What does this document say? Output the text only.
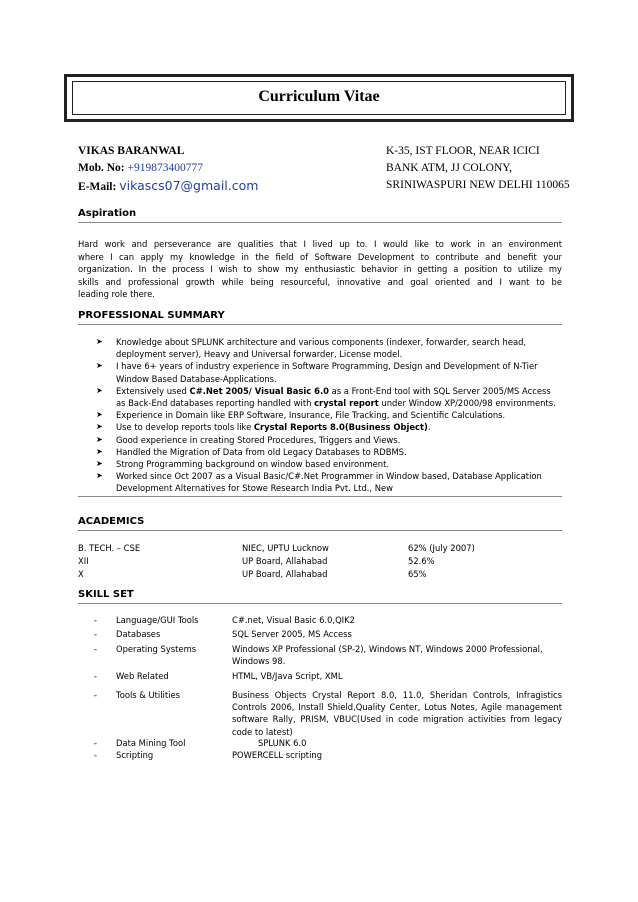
Curriculum Vitae
VIKAS BARANWAL
Mob. No: +919873400777
E-Mail: vikascs07@gmail.com
K-35, IST FLOOR, NEAR ICICI
BANK ATM, JJ COLONY,
SRINIWASPURI NEW DELHI 110065
Aspiration
Hard work and perseverance are qualities that I lived up to. I would like to work in an environment
where I can apply my knowledge in the field of Software Development to contribute and benefit your
organization. In the process I wish to show my enthusiastic behavior in getting a position to utilize my
skills and professional growth while being resourceful, innovative and goal oriented and I want to be
leading role there.
PROFESSIONAL SUMMARY
➤ Knowledge about SPLUNK architecture and various components (indexer, forwarder, search head, deployment server), Heavy and Universal forwarder, License model.
➤ I have 6+ years of industry experience in Software Programming, Design and Development of N-Tier Window Based Database-Applications.
➤ Extensively used C#.Net 2005/ Visual Basic 6.0 as a Front-End tool with SQL Server 2005/MS Access as Back-End databases reporting handled with crystal report under Window XP/2000/98 environments.
➤ Experience in Domain like ERP Software, Insurance, File Tracking, and Scientific Calculations.
➤ Use to develop reports tools like Crystal Reports 8.0(Business Object).
➤ Good experience in creating Stored Procedures, Triggers and Views.
➤ Handled the Migration of Data from old Legacy Databases to RDBMS.
➤ Strong Programming background on window based environment.
➤ Worked since Oct 2007 as a Visual Basic/C#.Net Programmer in Window based, Database Application Development Alternatives for Stowe Research India Pvt. Ltd., New
ACADEMICS
B. TECH. – CSE	NIEC, UPTU Lucknow	62% (July 2007)
XII	UP Board, Allahabad	52.6%
X	UP Board, Allahabad	65%
SKILL SET
- Language/GUI Tools	C#.net, Visual Basic 6.0,QIK2
- Databases	SQL Server 2005, MS Access
- Operating Systems	Windows XP Professional (SP-2), Windows NT, Windows 2000 Professional, Windows 98.
- Web Related	HTML, VB/Java Script, XML
- Tools & Utilities	Business Objects Crystal Report 8.0, 11.0, Sheridan Controls, Infragistics Controls 2006, Install Shield,Quality Center, Lotus Notes, Agile management software Rally, PRISM, VBUC(Used in code migration activities from legacy code to latest)
- Data Mining Tool	SPLUNK 6.0
- Scripting	POWERCELL scripting
